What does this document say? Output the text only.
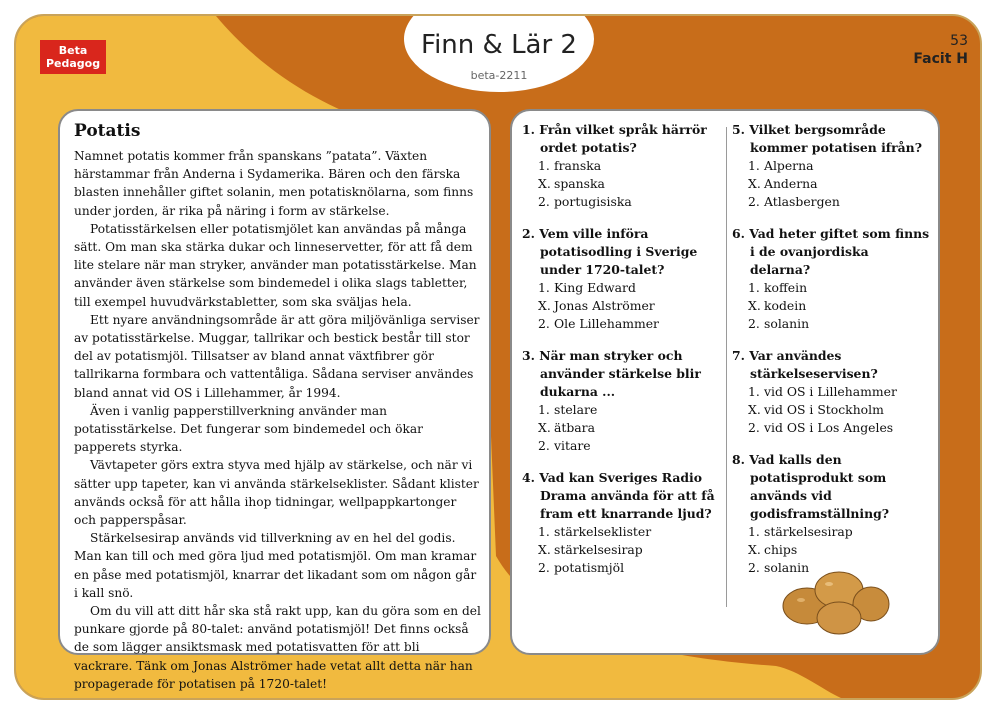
Beta
Pedagog
Finn & Lär 2
beta-2211
53
Facit H
Potatis

Namnet potatis kommer från spanskans ”patata”. Växten härstammar från Anderna i Sydamerika. Bären och den färska blasten innehåller giftet solanin, men potatisknölarna, som finns under jorden, är rika på näring i form av stärkelse.

Potatisstärkelsen eller potatismjölet kan användas på många sätt. Om man ska stärka dukar och linneservetter, för att få dem lite stelare när man stryker, använder man potatisstärkelse. Man använder även stärkelse som bindemedel i olika slags tabletter, till exempel huvudvärkstabletter, som ska sväljas hela.

Ett nyare användningsområde är att göra miljövänliga serviser av potatisstärkelse. Muggar, tallrikar och bestick består till stor del av potatismjöl. Tillsatser av bland annat växtfibrer gör tallrikarna formbara och vattentåliga. Sådana serviser användes bland annat vid OS i Lillehammer, år 1994.

Även i vanlig papperstillverkning använder man potatisstärkelse. Det fungerar som bindemedel och ökar papperets styrka.

Vävtapeter görs extra styva med hjälp av stärkelse, och när vi sätter upp tapeter, kan vi använda stärkelseklister. Sådant klister används också för att hålla ihop tidningar, wellpappkartonger och papperspåsar.

Stärkelsesirap används vid tillverkning av en hel del godis. Man kan till och med göra ljud med potatismjöl. Om man kramar en påse med potatismjöl, knarrar det likadant som om någon går i kall snö.

Om du vill att ditt hår ska stå rakt upp, kan du göra som en del punkare gjorde på 80-talet: använd potatismjöl! Det finns också de som lägger ansiktsmask med potatisvatten för att bli vackrare. Tänk om Jonas Alströmer hade vetat allt detta när han propagerade för potatisen på 1720-talet!

1. Från vilket språk härrör ordet potatis?
1. franska
X. spanska
2. portugisiska
2. Vem ville införa potatisodling i Sverige under 1720-talet?
1. King Edward
X. Jonas Alströmer
2. Ole Lillehammer
3. När man stryker och använder stärkelse blir dukarna ...
1. stelare
X. ätbara
2. vitare
4. Vad kan Sveriges Radio Drama använda för att få fram ett knarrande ljud?
1. stärkelseklister
X. stärkelsesirap
2. potatismjöl
5. Vilket bergsområde kommer potatisen ifrån?
1. Alperna
X. Anderna
2. Atlasbergen
6. Vad heter giftet som finns i de ovanjordiska delarna?
1. koffein
X. kodein
2. solanin
7. Var användes stärkelseservisen?
1. vid OS i Lillehammer
X. vid OS i Stockholm
2. vid OS i Los Angeles
8. Vad kalls den potatisprodukt som används vid godisframställning?
1. stärkelsesirap
X. chips
2. solanin
